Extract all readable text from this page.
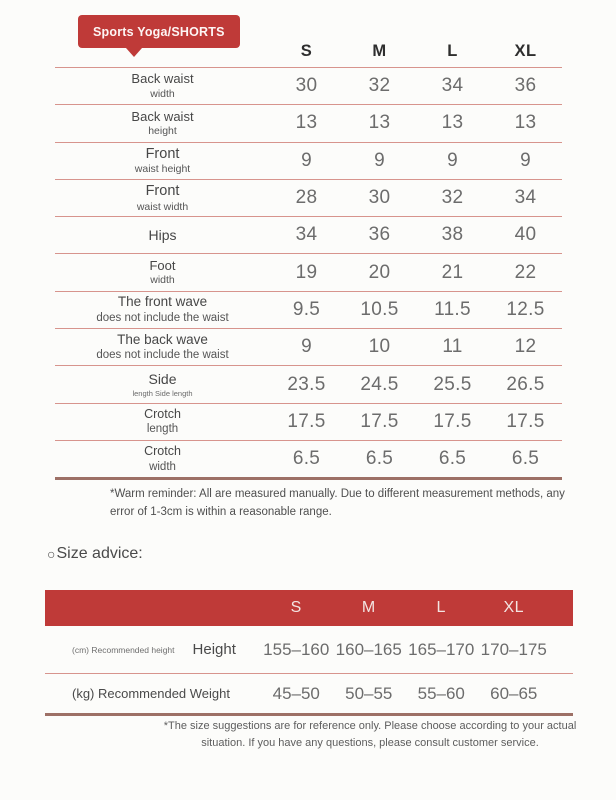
Sports Yoga/SHORTS
S	M	L	XL
Back waist
width	30	32	34	36
Back waist
height	13	13	13	13
Front
waist height	9	9	9	9
Front
waist width	28	30	32	34
Hips	34	36	38	40
Foot
width	19	20	21	22
The front wave
does not include the waist	9.5	10.5	11.5	12.5
The back wave
does not include the waist	9	10	11	12
Side
length Side length	23.5	24.5	25.5	26.5
Crotch
length	17.5	17.5	17.5	17.5
Crotch
width	6.5	6.5	6.5	6.5

*Warm reminder: All are measured manually. Due to different measurement methods, any error of 1-3cm is within a reasonable range.

○ Size advice:
S	M	L	XL
(cm) Recommended height Height 155–160 160–165 165–170 170–175
(kg) Recommended Weight	45–50	50–55	55–60	60–65

*The size suggestions are for reference only. Please choose according to your actual situation. If you have any questions, please consult customer service.
